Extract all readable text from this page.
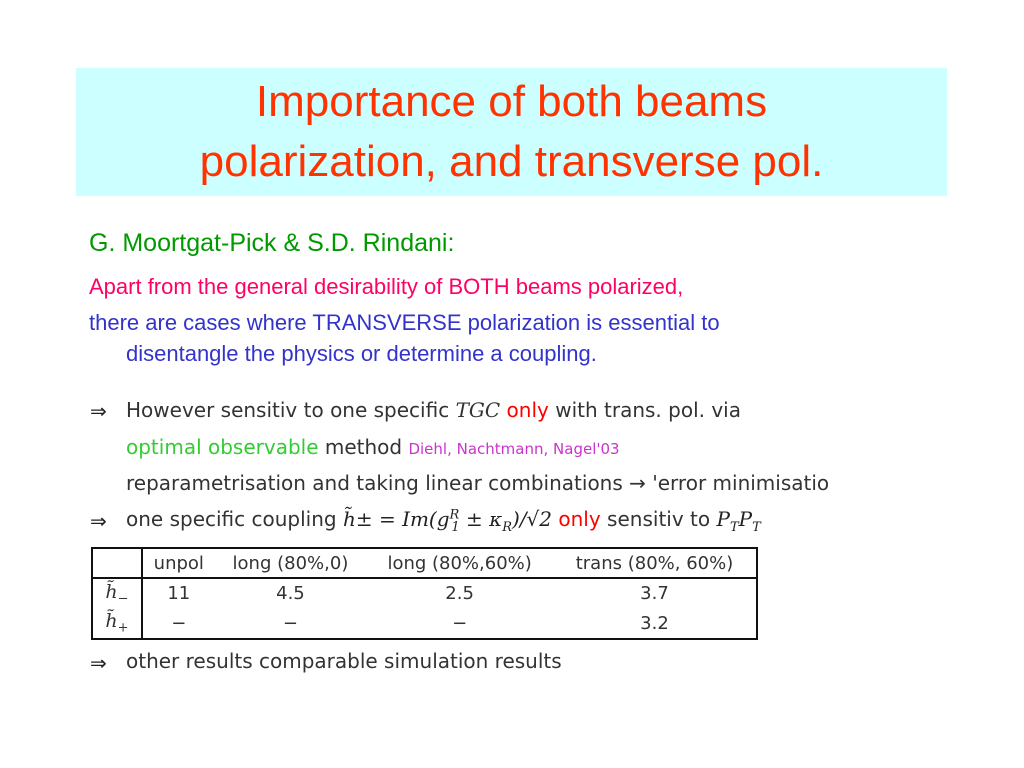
Importance of both beams
polarization, and transverse pol.
G. Moortgat-Pick & S.D. Rindani:
Apart from the general desirability of BOTH beams polarized,
there are cases where TRANSVERSE polarization is essential to
disentangle the physics or determine a coupling.
⇒ However sensitiv to one specific TGC only with trans. pol. via
optimal observable method Diehl, Nachtmann, Nagel'03
reparametrisation and taking linear combinations → 'error minimisatio
⇒ one specific coupling h̃± = $Im(g^R_1 \pm \kappa_R)/√2$ only sensitiv to $P_TP_T$
	unpol	long (80%,0)	long (80%,60%)	trans (80%, 60%)
$h̃_-$	11	4.5	2.5	3.7
$h̃_+$	−	−	−	3.2
⇒ other results comparable simulation results
